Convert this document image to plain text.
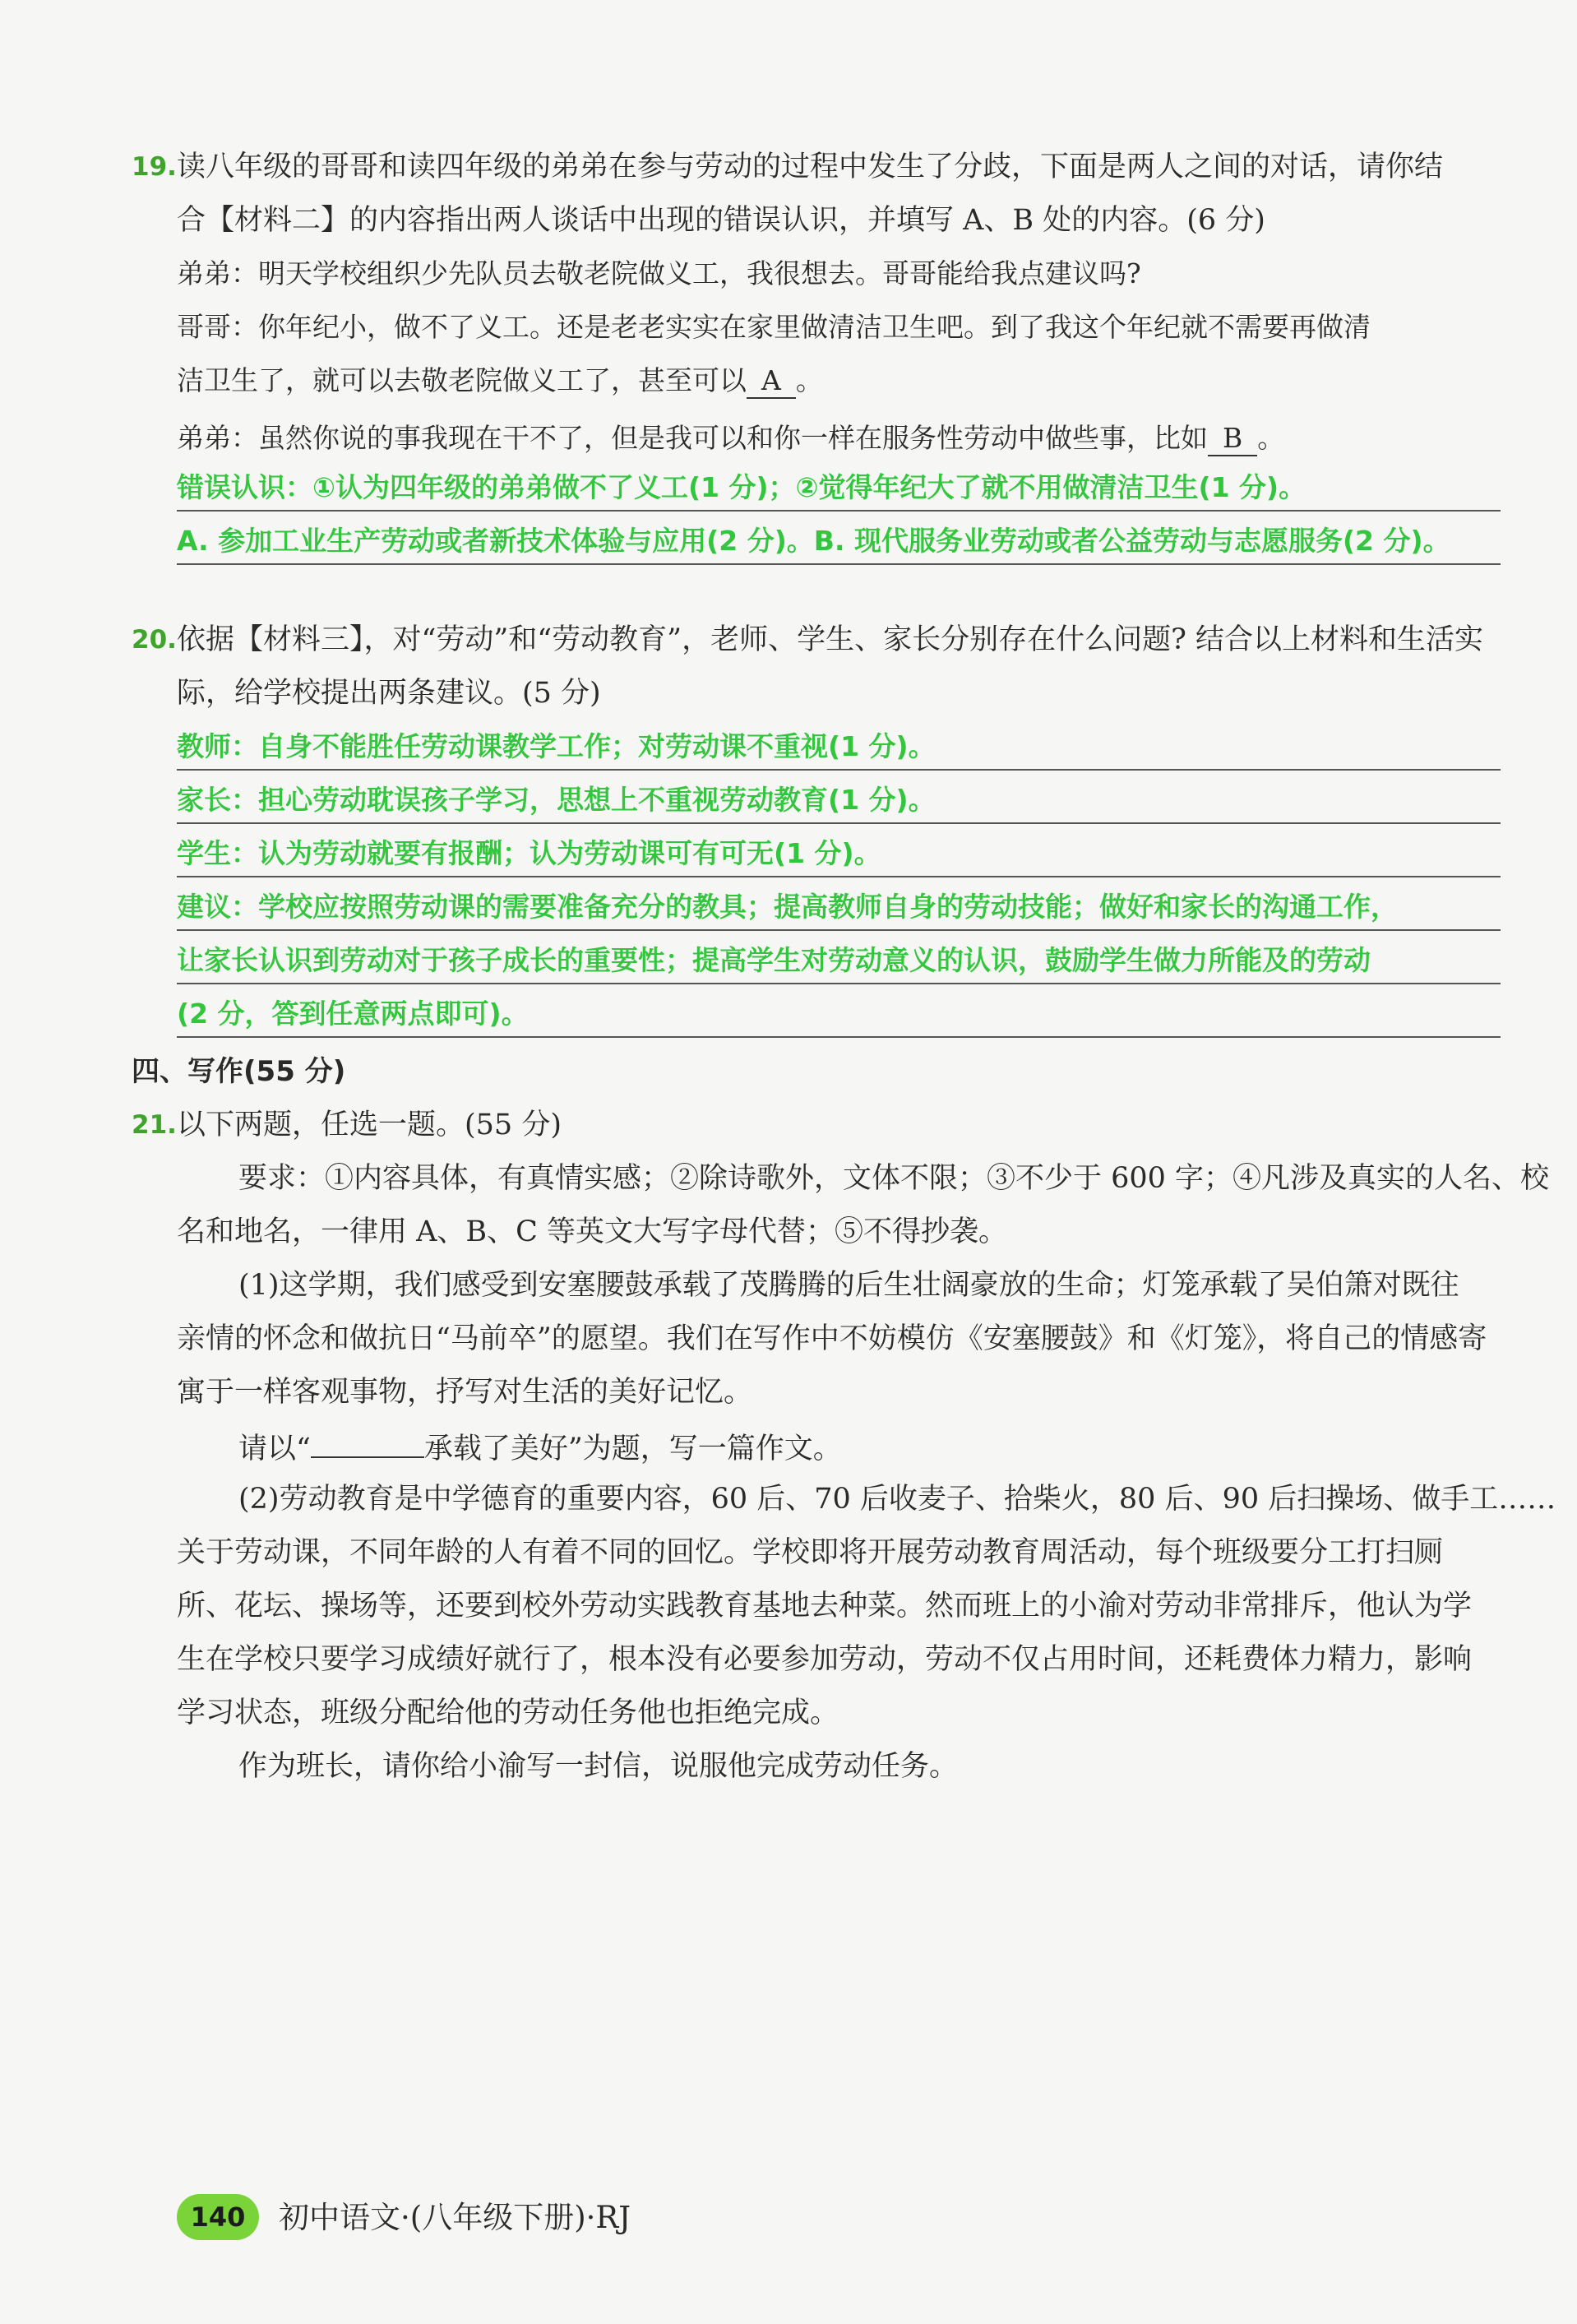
19. 读八年级的哥哥和读四年级的弟弟在参与劳动的过程中发生了分歧，下面是两人之间的对话，请你结
合【材料二】的内容指出两人谈话中出现的错误认识，并填写 A、B 处的内容。(6 分)
弟弟：明天学校组织少先队员去敬老院做义工，我很想去。哥哥能给我点建议吗?
哥哥：你年纪小，做不了义工。还是老老实实在家里做清洁卫生吧。到了我这个年纪就不需要再做清
洁卫生了，就可以去敬老院做义工了，甚至可以 A 。
弟弟：虽然你说的事我现在干不了，但是我可以和你一样在服务性劳动中做些事，比如 B 。
错误认识：①认为四年级的弟弟做不了义工(1 分)；②觉得年纪大了就不用做清洁卫生(1 分)。
A. 参加工业生产劳动或者新技术体验与应用(2 分)。B. 现代服务业劳动或者公益劳动与志愿服务(2 分)。
20. 依据【材料三】，对“劳动”和“劳动教育”，老师、学生、家长分别存在什么问题? 结合以上材料和生活实
际，给学校提出两条建议。(5 分)
教师：自身不能胜任劳动课教学工作；对劳动课不重视(1 分)。
家长：担心劳动耽误孩子学习，思想上不重视劳动教育(1 分)。
学生：认为劳动就要有报酬；认为劳动课可有可无(1 分)。
建议：学校应按照劳动课的需要准备充分的教具；提高教师自身的劳动技能；做好和家长的沟通工作，
让家长认识到劳动对于孩子成长的重要性；提高学生对劳动意义的认识，鼓励学生做力所能及的劳动
(2 分，答到任意两点即可)。
四、写作(55 分)
21. 以下两题，任选一题。(55 分)
要求：①内容具体，有真情实感；②除诗歌外，文体不限；③不少于 600 字；④凡涉及真实的人名、校
名和地名，一律用 A、B、C 等英文大写字母代替；⑤不得抄袭。
(1)这学期，我们感受到安塞腰鼓承载了茂腾腾的后生壮阔豪放的生命；灯笼承载了吴伯箫对既往
亲情的怀念和做抗日“马前卒”的愿望。我们在写作中不妨模仿《安塞腰鼓》和《灯笼》，将自己的情感寄
寓于一样客观事物，抒写对生活的美好记忆。
请以“	承载了美好”为题，写一篇作文。
(2)劳动教育是中学德育的重要内容，60 后、70 后收麦子、拾柴火，80 后、90 后扫操场、做手工……
关于劳动课，不同年龄的人有着不同的回忆。学校即将开展劳动教育周活动，每个班级要分工打扫厕
所、花坛、操场等，还要到校外劳动实践教育基地去种菜。然而班上的小渝对劳动非常排斥，他认为学
生在学校只要学习成绩好就行了，根本没有必要参加劳动，劳动不仅占用时间，还耗费体力精力，影响
学习状态，班级分配给他的劳动任务他也拒绝完成。
作为班长，请你给小渝写一封信，说服他完成劳动任务。
140	初中语文·(八年级下册)·RJ
